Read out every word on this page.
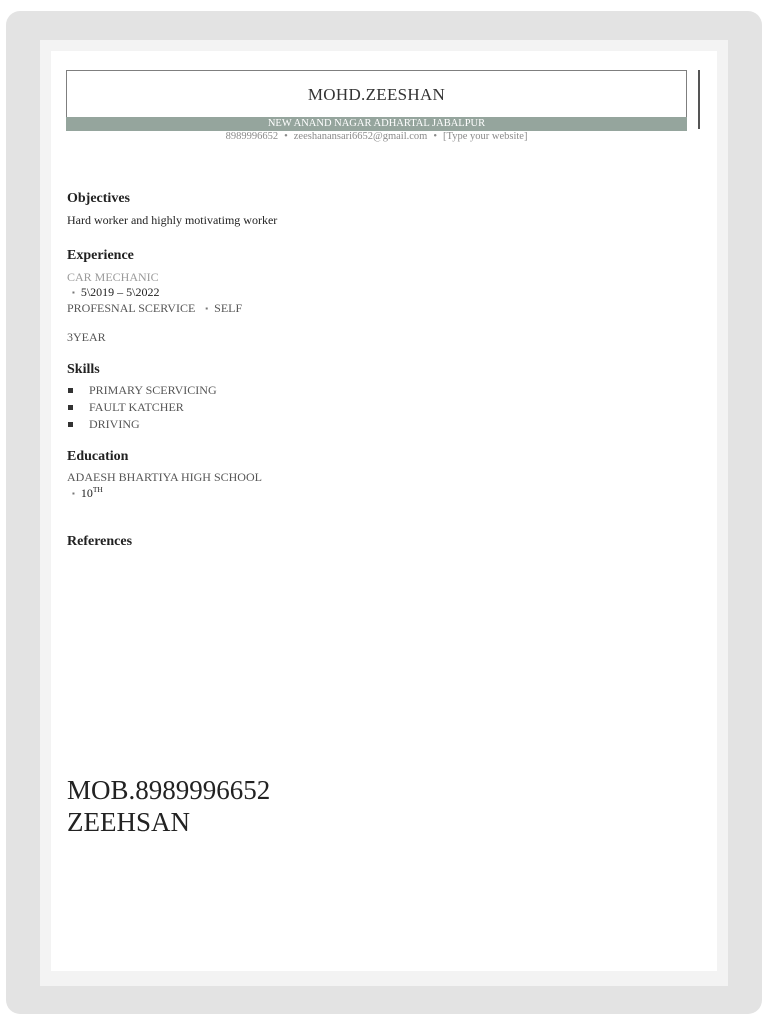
MOHD.ZEESHAN
NEW ANAND NAGAR ADHARTAL JABALPUR
8989996652 • zeeshanansari6652@gmail.com • [Type your website]
Objectives
Hard worker and highly motivatimg worker
Experience
CAR MECHANIC
▪ 5\2019 – 5\2022
PROFESNAL SCERVICE ▪ SELF
3YEAR
Skills
PRIMARY SCERVICING
FAULT KATCHER
DRIVING
Education
ADAESH BHARTIYA HIGH SCHOOL
▪ 10TH
References
MOB.8989996652
ZEEHSAN
